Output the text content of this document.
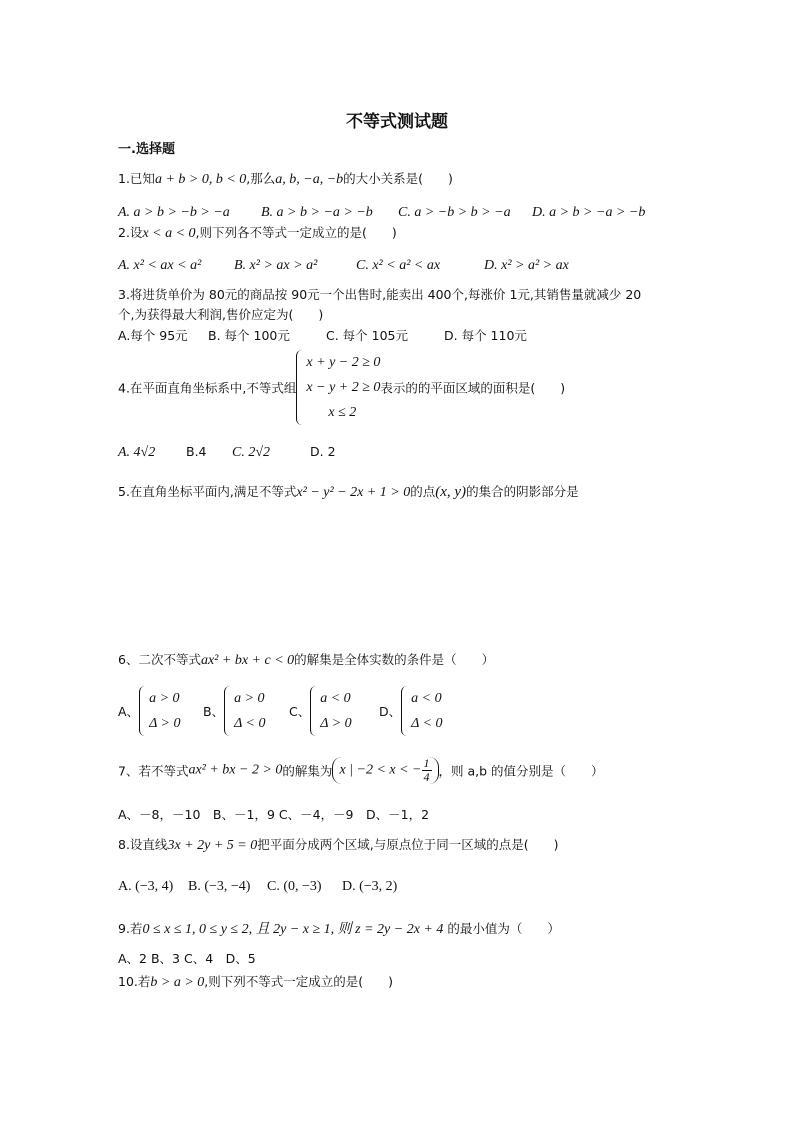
不等式测试题
一.选择题
1.已知a + b > 0, b < 0,那么a, b, −a, −b的大小关系是(　　)
A. a > b > −b > −a B. a > b > −a > −b C. a > −b > b > −a D. a > b > −a > −b
2.设x < a < 0,则下列各不等式一定成立的是(　　)
A. x² < ax < a² B. x² > ax > a²	C. x² < a² < ax	D. x² > a² > ax
3.将进货单价为 80元的商品按 90元一个出售时,能卖出 400个,每涨价 1元,其销售量就减少 20
个,为获得最大利润,售价应定为(　　)
A.每个 95元 B. 每个 100元	C. 每个 105元	D. 每个 110元
4.在平面直角坐标系中,不等式组
x + y − 2 ≥ 0
x − y + 2 ≥ 0
x ≤ 2
表示的的平面区域的面积是(　　)
A. 4√2 B.4 C. 2√2	D. 2
5.在直角坐标平面内,满足不等式x² − y² − 2x + 1 > 0的点(x, y)的集合的阴影部分是
6、二次不等式ax² + bx + c < 0的解集是全体实数的条件是（　　）
A、
a > 0
Δ > 0
B、
a > 0
Δ < 0
C、
a < 0
Δ > 0
D、
a < 0
Δ < 0
7、若不等式ax² + bx − 2 > 0的解集为 x | −2 < x < − $\frac{1}{4}$ ，则 a,b 的值分别是（　　）
A、－8，－10　B、－1，9 C、－4，－9　D、－1，2
8.设直线3x + 2y + 5 = 0把平面分成两个区域,与原点位于同一区域的点是(　　)
A. (−3, 4) B. (−3, −4) C. (0, −3) D. (−3, 2)
9.若0 ≤ x ≤ 1, 0 ≤ y ≤ 2, 且 2y − x ≥ 1, 则 z = 2y − 2x + 4 的最小值为（　　）
A、2 B、3 C、4　D、5
10.若b > a > 0,则下列不等式一定成立的是(　　)
